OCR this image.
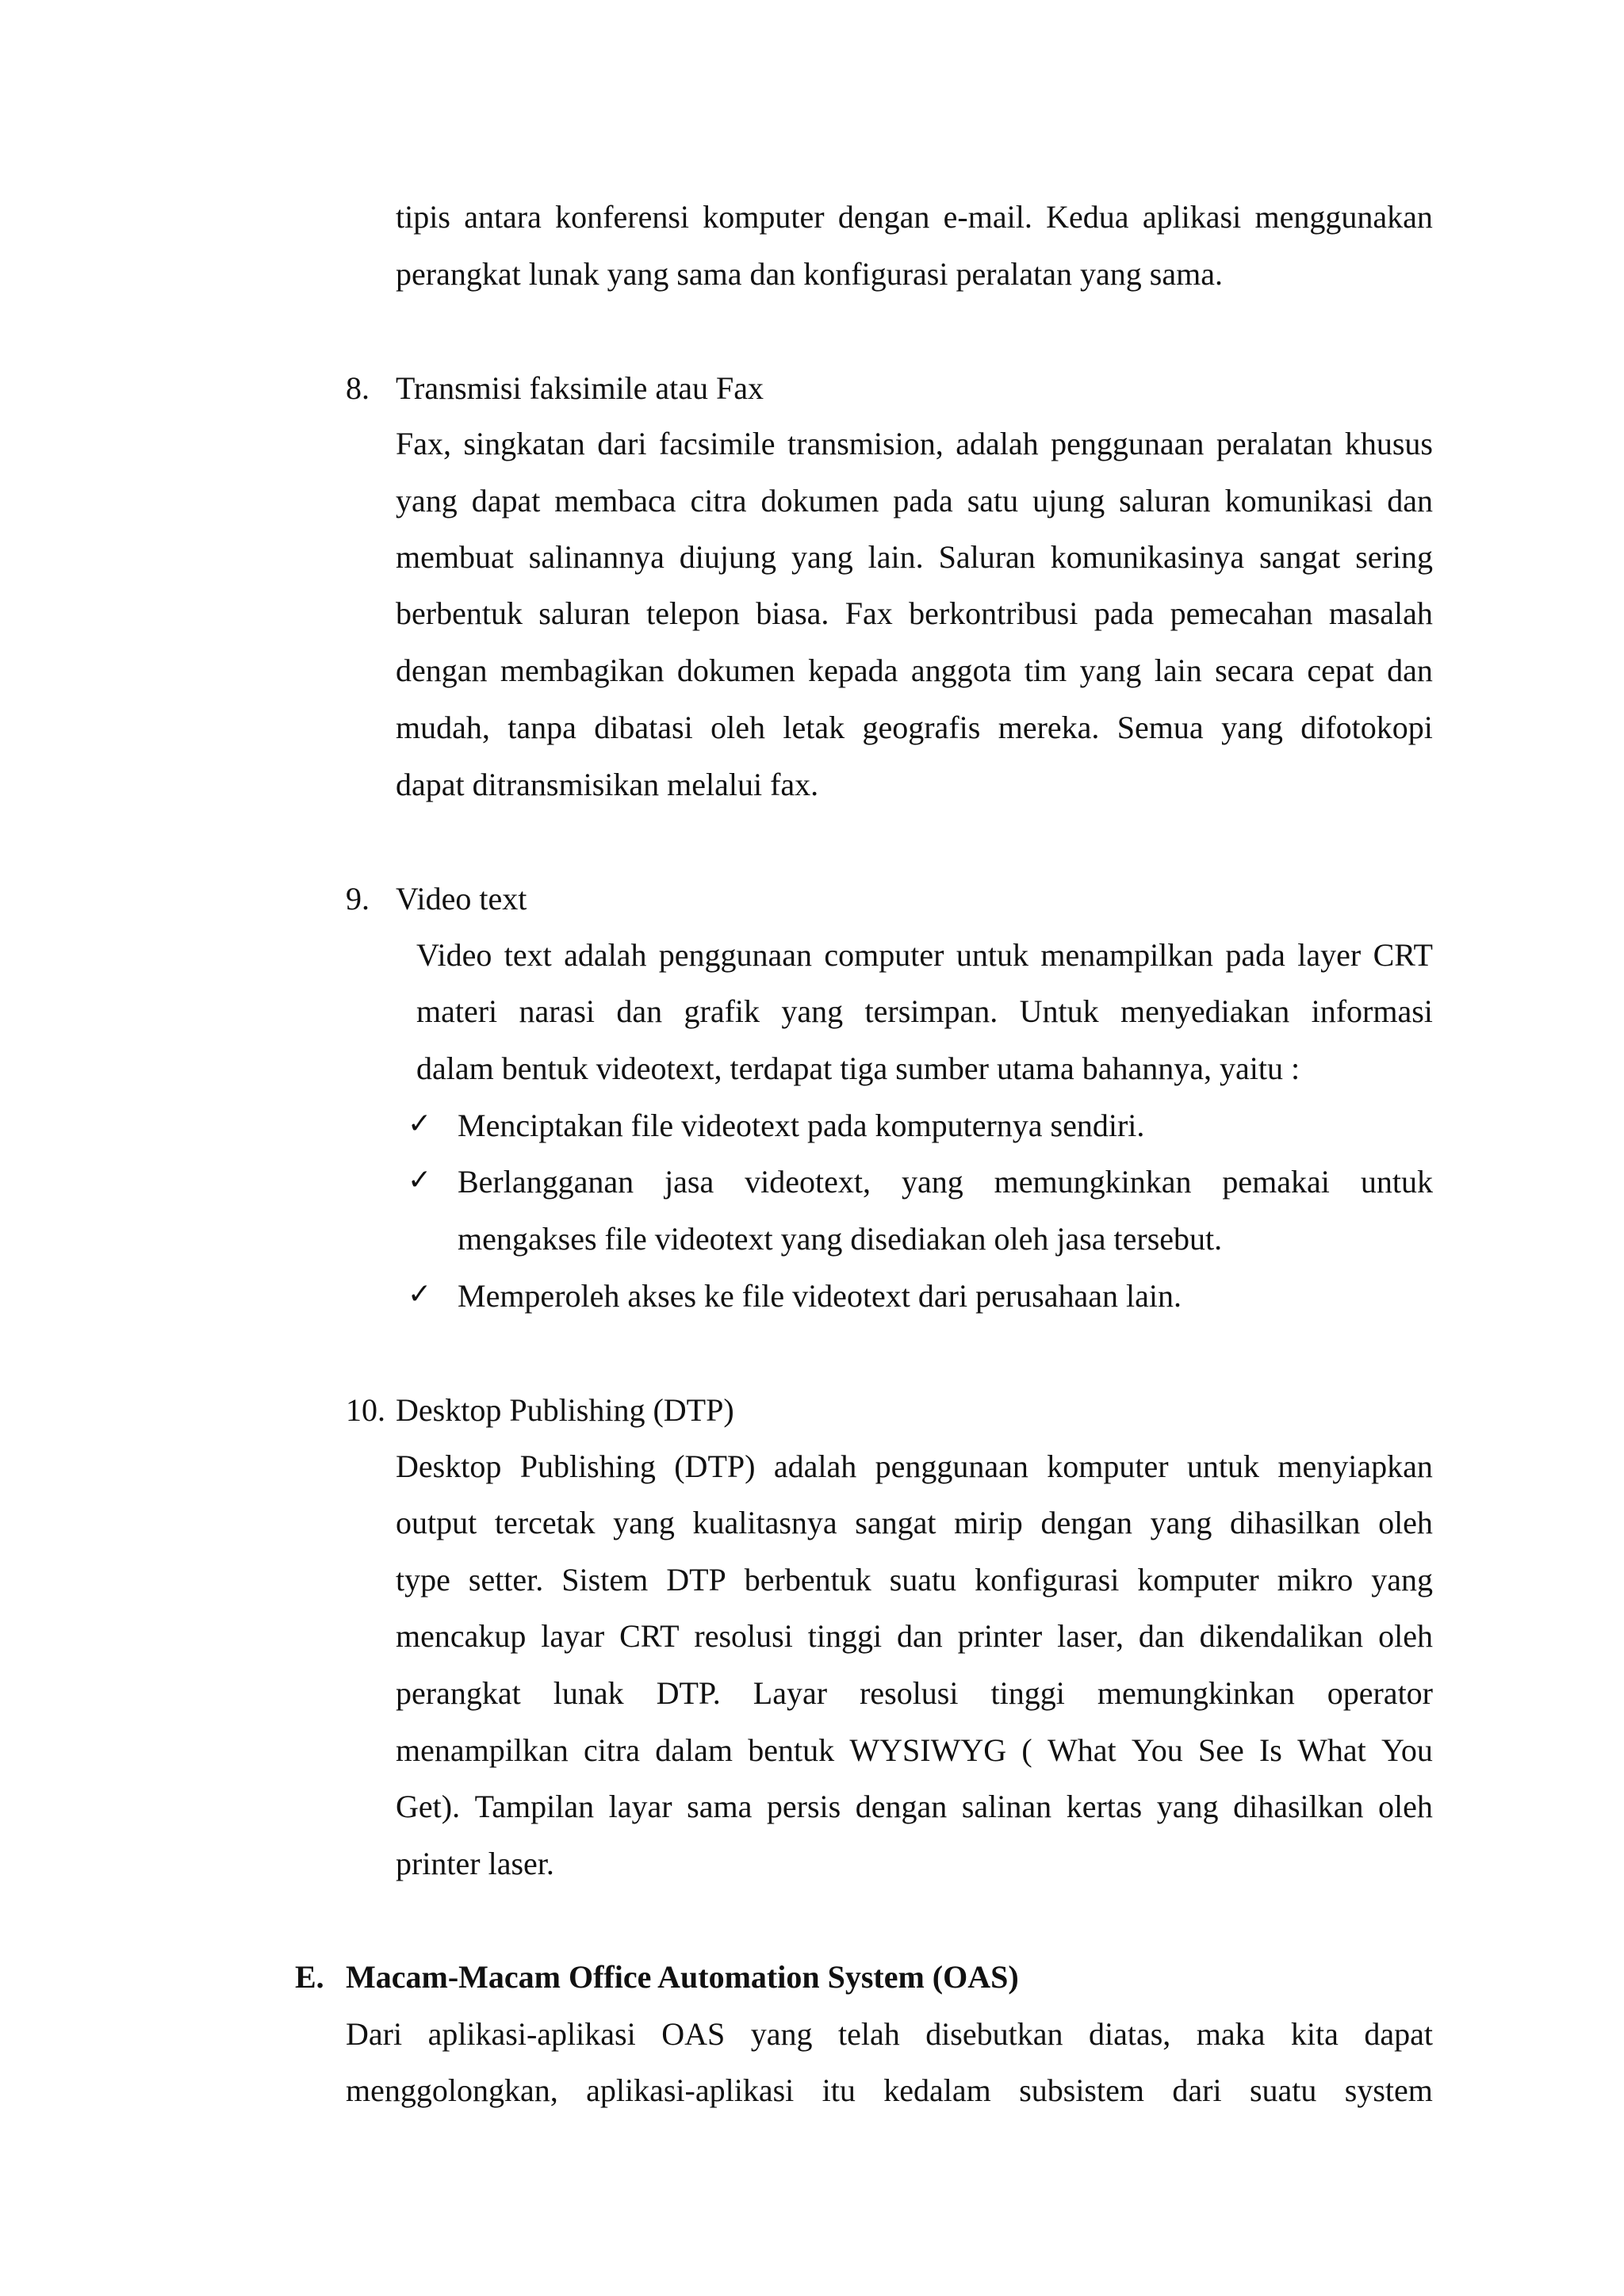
tipis antara konferensi komputer dengan e-mail. Kedua aplikasi menggunakan
perangkat lunak yang sama dan konfigurasi peralatan yang sama.
8. Transmisi faksimile atau Fax
Fax, singkatan dari facsimile transmision, adalah penggunaan peralatan khusus
yang dapat membaca citra dokumen pada satu ujung saluran komunikasi dan
membuat salinannya diujung yang lain. Saluran komunikasinya sangat sering
berbentuk saluran telepon biasa. Fax berkontribusi pada pemecahan masalah
dengan membagikan dokumen kepada anggota tim yang lain secara cepat dan
mudah, tanpa dibatasi oleh letak geografis mereka. Semua yang difotokopi
dapat ditransmisikan melalui fax.
9. Video text
Video text adalah penggunaan computer untuk menampilkan pada layer CRT
materi narasi dan grafik yang tersimpan. Untuk menyediakan informasi
dalam bentuk videotext, terdapat tiga sumber utama bahannya, yaitu :
✓ Menciptakan file videotext pada komputernya sendiri.
✓ Berlangganan jasa videotext, yang memungkinkan pemakai untuk
mengakses file videotext yang disediakan oleh jasa tersebut.
✓ Memperoleh akses ke file videotext dari perusahaan lain.
10. Desktop Publishing (DTP)
Desktop Publishing (DTP) adalah penggunaan komputer untuk menyiapkan
output tercetak yang kualitasnya sangat mirip dengan yang dihasilkan oleh
type setter. Sistem DTP berbentuk suatu konfigurasi komputer mikro yang
mencakup layar CRT resolusi tinggi dan printer laser, dan dikendalikan oleh
perangkat lunak DTP. Layar resolusi tinggi memungkinkan operator
menampilkan citra dalam bentuk WYSIWYG ( What You See Is What You
Get). Tampilan layar sama persis dengan salinan kertas yang dihasilkan oleh
printer laser.
E. Macam-Macam Office Automation System (OAS)
Dari aplikasi-aplikasi OAS yang telah disebutkan diatas, maka kita dapat
menggolongkan, aplikasi-aplikasi itu kedalam subsistem dari suatu system
